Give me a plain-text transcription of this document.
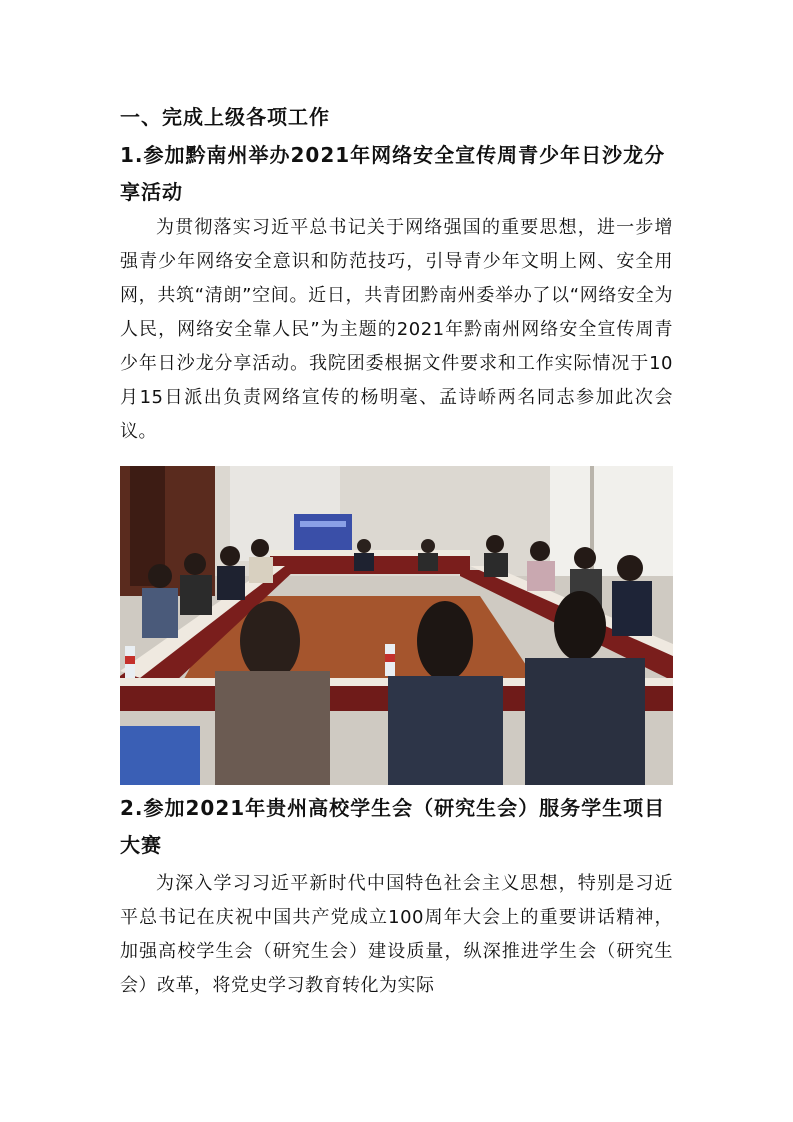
一、完成上级各项工作
1.参加黔南州举办2021年网络安全宣传周青少年日沙龙分享活动
为贯彻落实习近平总书记关于网络强国的重要思想，进一步增强青少年网络安全意识和防范技巧，引导青少年文明上网、安全用网，共筑“清朗”空间。近日，共青团黔南州委举办了以“网络安全为人民，网络安全靠人民”为主题的2021年黔南州网络安全宣传周青少年日沙龙分享活动。我院团委根据文件要求和工作实际情况于10月15日派出负责网络宣传的杨明毫、孟诗峤两名同志参加此次会议。
2.参加2021年贵州高校学生会（研究生会）服务学生项目大赛
为深入学习习近平新时代中国特色社会主义思想，特别是习近平总书记在庆祝中国共产党成立100周年大会上的重要讲话精神，加强高校学生会（研究生会）建设质量，纵深推进学生会（研究生会）改革，将党史学习教育转化为实际
